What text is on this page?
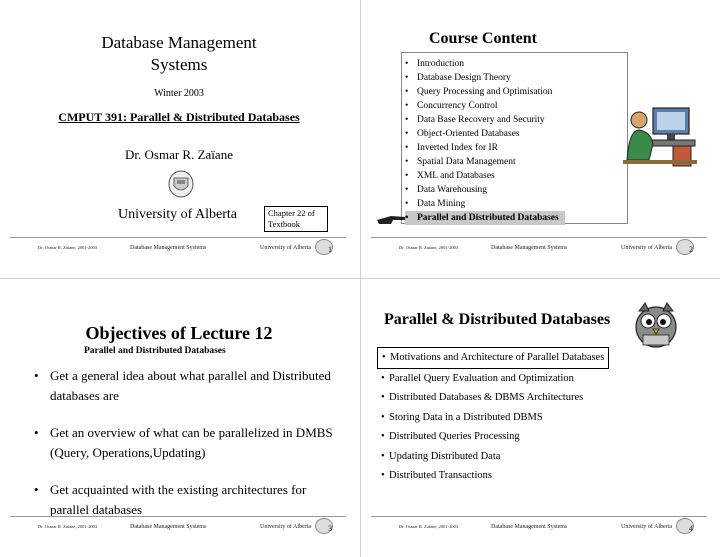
Database Management Systems
Winter 2003
CMPUT 391: Parallel & Distributed Databases
Dr. Osmar R. Zaïane
University of Alberta	Chapter 22 of Textbook
Dr. Osmar R. Zaïane, 2001-2003	Database Management Systems	University of Alberta 1
Course Content
• Introduction
• Database Design Theory
• Query Processing and Optimisation
• Concurrency Control
• Data Base Recovery and Security
• Object-Oriented Databases
• Inverted Index for IR
• Spatial Data Management
• XML and Databases
• Data Warehousing
• Data Mining
• Parallel and Distributed Databases
Dr. Osmar R. Zaïane, 2001-2003	Database Management Systems	University of Alberta 2
Objectives of Lecture 12
Parallel and Distributed Databases
• Get a general idea about what parallel and Distributed databases are
• Get an overview of what can be parallelized in DMBS (Query, Operations,Updating)
• Get acquainted with the existing architectures for parallel databases
Dr. Osmar R. Zaïane, 2001-2003	Database Management Systems	University of Alberta 3
Parallel & Distributed Databases
• Motivations and Architecture of Parallel Databases
• Parallel Query Evaluation and Optimization
• Distributed Databases & DBMS Architectures
• Storing Data in a Distributed DBMS
• Distributed Queries Processing
• Updating Distributed Data
• Distributed Transactions
Dr. Osmar R. Zaïane, 2001-2003	Database Management Systems	University of Alberta 4
